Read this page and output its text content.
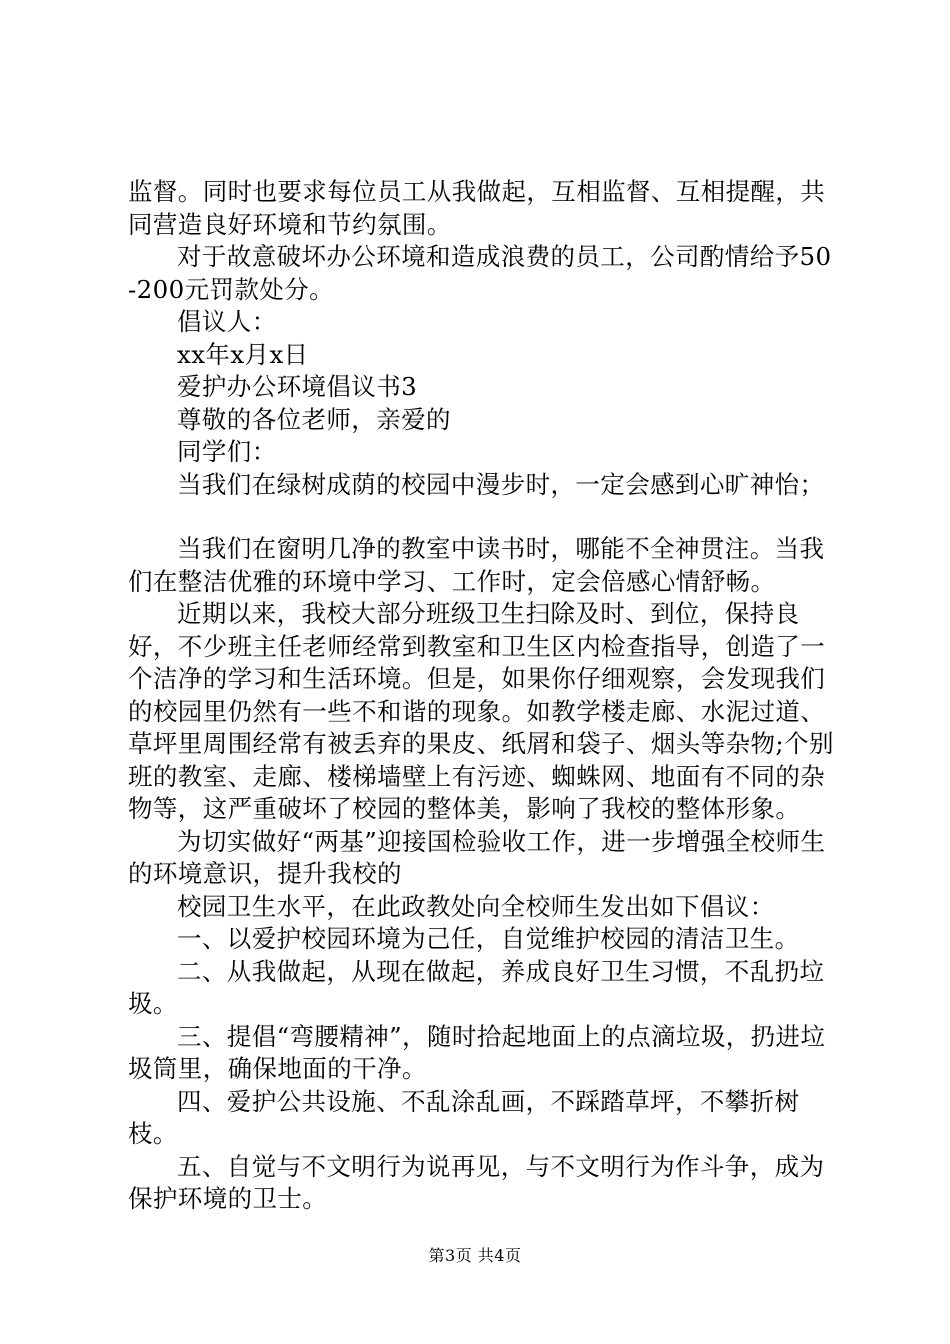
监督。同时也要求每位员工从我做起，互相监督、互相提醒，共同营造良好环境和节约氛围。

对于故意破坏办公环境和造成浪费的员工，公司酌情给予50-200元罚款处分。

倡议人：

xx年x月x日

爱护办公环境倡议书3

尊敬的各位老师，亲爱的

同学们：

当我们在绿树成荫的校园中漫步时，一定会感到心旷神怡；

当我们在窗明几净的教室中读书时，哪能不全神贯注。当我们在整洁优雅的环境中学习、工作时，定会倍感心情舒畅。

近期以来，我校大部分班级卫生扫除及时、到位，保持良好，不少班主任老师经常到教室和卫生区内检查指导，创造了一个洁净的学习和生活环境。但是，如果你仔细观察，会发现我们的校园里仍然有一些不和谐的现象。如教学楼走廊、水泥过道、草坪里周围经常有被丢弃的果皮、纸屑和袋子、烟头等杂物;个别班的教室、走廊、楼梯墙壁上有污迹、蜘蛛网、地面有不同的杂物等，这严重破坏了校园的整体美，影响了我校的整体形象。

为切实做好“两基”迎接国检验收工作，进一步增强全校师生的环境意识，提升我校的

校园卫生水平，在此政教处向全校师生发出如下倡议：

一、以爱护校园环境为己任，自觉维护校园的清洁卫生。

二、从我做起，从现在做起，养成良好卫生习惯，不乱扔垃圾。

三、提倡“弯腰精神”，随时拾起地面上的点滴垃圾，扔进垃圾筒里，确保地面的干净。

四、爱护公共设施、不乱涂乱画，不踩踏草坪，不攀折树枝。

五、自觉与不文明行为说再见，与不文明行为作斗争，成为保护环境的卫士。

第3页 共4页
